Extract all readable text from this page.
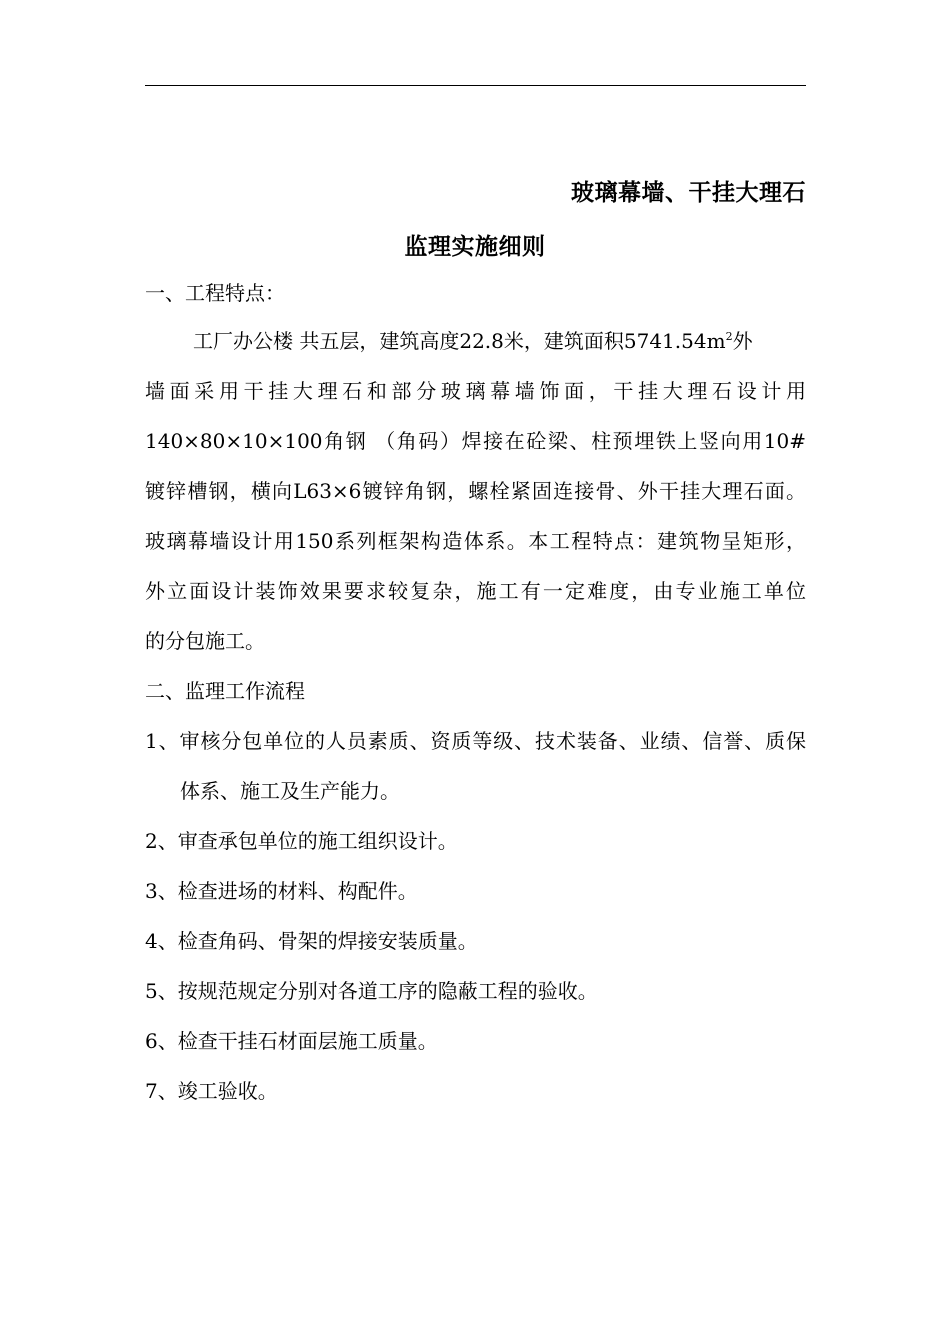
玻璃幕墙、干挂大理石
监理实施细则
一、工程特点：
工厂办公楼 共五层，建筑高度22.8米，建筑面积$5741.54m^2$外
墙面采用干挂大理石和部分玻璃幕墙饰面，干挂大理石设计用
140×80×10×100角钢 （角码）焊接在砼梁、柱预埋铁上竖向用10#
镀锌槽钢，横向L63×6镀锌角钢，螺栓紧固连接骨、外干挂大理石面。
玻璃幕墙设计用150系列框架构造体系。本工程特点：建筑物呈矩形，
外立面设计装饰效果要求较复杂，施工有一定难度，由专业施工单位
的分包施工。
二、监理工作流程
1、审核分包单位的人员素质、资质等级、技术装备、业绩、信誉、质保
体系、施工及生产能力。
2、审查承包单位的施工组织设计。
3、检查进场的材料、构配件。
4、检查角码、骨架的焊接安装质量。
5、按规范规定分别对各道工序的隐蔽工程的验收。
6、检查干挂石材面层施工质量。
7、竣工验收。
